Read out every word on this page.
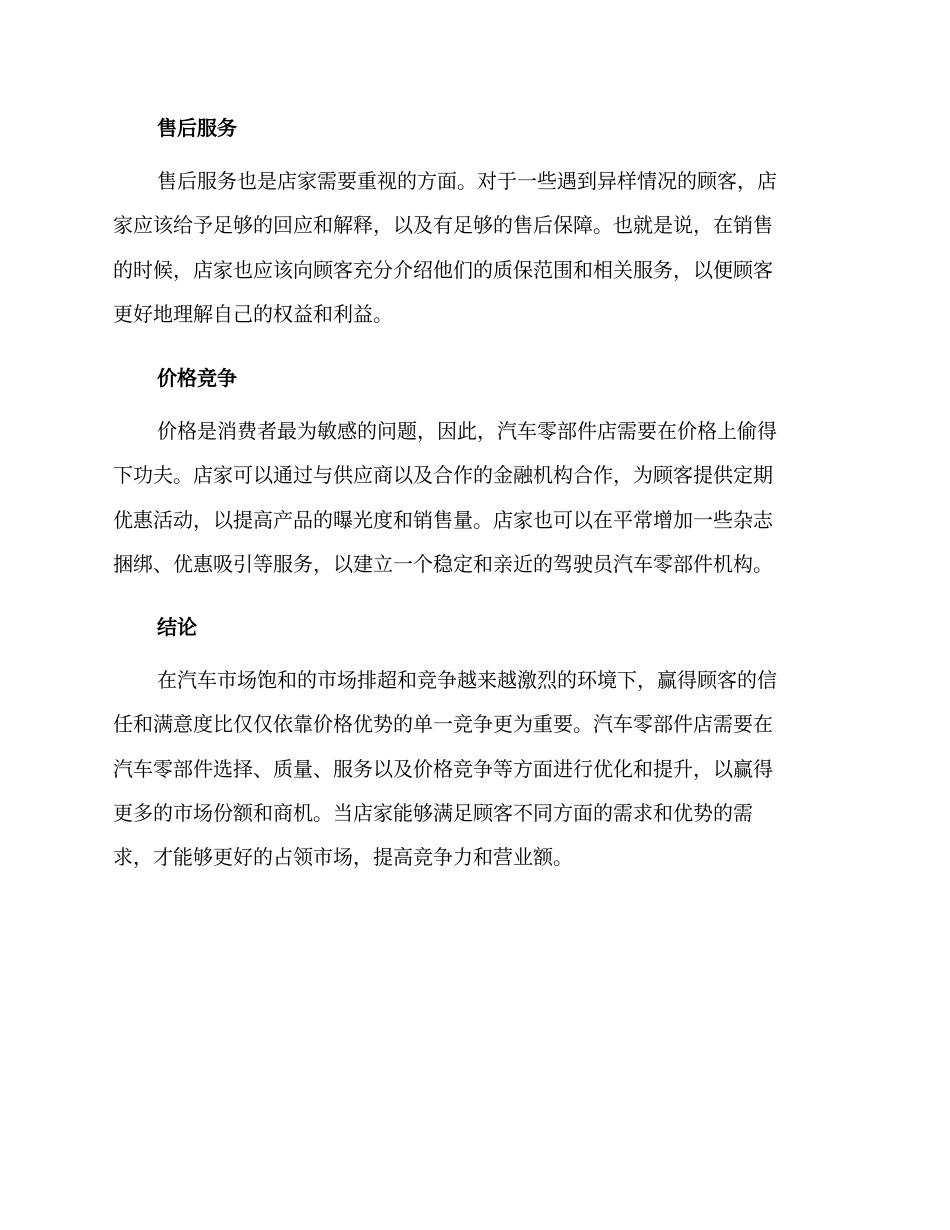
售后服务
售后服务也是店家需要重视的方面。对于一些遇到异样情况的顾客，店
家应该给予足够的回应和解释，以及有足够的售后保障。也就是说，在销售
的时候，店家也应该向顾客充分介绍他们的质保范围和相关服务，以便顾客
更好地理解自己的权益和利益。
价格竞争
价格是消费者最为敏感的问题，因此，汽车零部件店需要在价格上偷得
下功夫。店家可以通过与供应商以及合作的金融机构合作，为顾客提供定期
优惠活动，以提高产品的曝光度和销售量。店家也可以在平常增加一些杂志
捆绑、优惠吸引等服务，以建立一个稳定和亲近的驾驶员汽车零部件机构。
结论
在汽车市场饱和的市场排超和竞争越来越激烈的环境下，赢得顾客的信
任和满意度比仅仅依靠价格优势的单一竞争更为重要。汽车零部件店需要在
汽车零部件选择、质量、服务以及价格竞争等方面进行优化和提升，以赢得
更多的市场份额和商机。当店家能够满足顾客不同方面的需求和优势的需
求，才能够更好的占领市场，提高竞争力和营业额。
